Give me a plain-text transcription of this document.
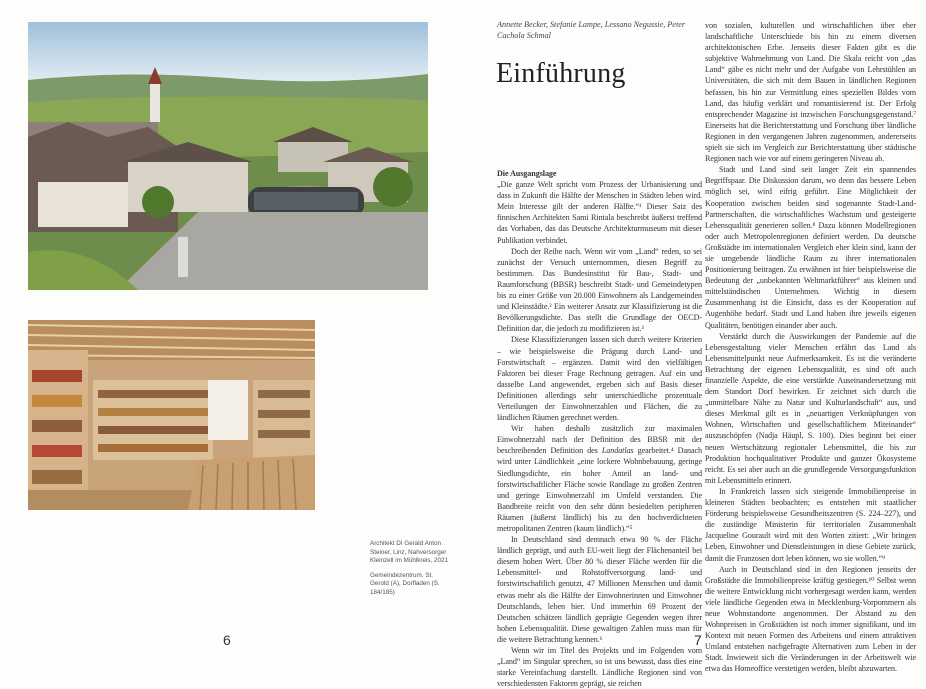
Architekt DI Gerald Anton Steiner, Linz, Nahversorger Kleinzell im Mühlkreis, 2021

Gemeindezentrum, St. Gerold (A), Dorfladen (S. 184/185)

6	7
Annette Becker, Stefanie Lampe, Lessano Negussie, Peter Cachola Schmal
Einführung

Die Ausgangslage

„Die ganze Welt spricht vom Prozess der Urbanisierung und dass in Zukunft die Hälfte der Menschen in Städten leben wird. Mein Interesse gilt der anderen Hälfte.“¹ Dieser Satz des finnischen Architekten Sami Rintala beschreibt äußerst treffend das Vorhaben, das das Deutsche Architekturmuseum mit dieser Publikation verbindet.

Doch der Reihe nach. Wenn wir vom „Land“ reden, so sei zunächst der Versuch unternommen, diesen Begriff zu bestimmen. Das Bundesinstitut für Bau-, Stadt- und Raumforschung (BBSR) beschreibt Stadt- und Gemeindetypen bis zu einer Größe von 20.000 Einwohnern als Landgemeinden und Kleinstädte.² Ein weiterer Ansatz zur Klassifizierung ist die Bevölkerungsdichte. Das stellt die Grundlage der OECD-Definition dar, die jedoch zu modifizieren ist.³

Diese Klassifizierungen lassen sich durch weitere Kriterien – wie beispielsweise die Prägung durch Land- und Forstwirtschaft – ergänzen. Damit wird den vielfältigen Faktoren bei dieser Frage Rechnung getragen. Auf ein und dasselbe Land angewendet, ergeben sich auf Basis dieser Definitionen allerdings sehr unterschiedliche prozentuale Verteilungen der Einwohnerzahlen und Flächen, die zu ländlichen Räumen gerechnet werden.

Wir haben deshalb zusätzlich zur maximalen Einwohnerzahl nach der Definition des BBSR mit der beschreibenden Definition des Landatlas gearbeitet.⁴ Danach wird unter Ländlichkeit „eine lockere Wohnbebauung, geringe Siedlungsdichte, ein hoher Anteil an land- und forstwirtschaftlicher Fläche sowie Randlage zu großen Zentren und geringe Einwohnerzahl im Umfeld verstanden. Die Bandbreite reicht von den sehr dünn besiedelten peripheren Räumen (äußerst ländlich) bis zu den hochverdichteten metropolitanen Zentren (kaum ländlich).“⁵

In Deutschland sind demnach etwa 90 % der Fläche ländlich geprägt, und auch EU-weit liegt der Flächenanteil bei diesem hohen Wert. Über 80 % dieser Fläche werden für die Lebensmittel- und Rohstoffversorgung land- und forstwirtschaftlich genutzt, 47 Millionen Menschen und damit etwas mehr als die Hälfte der Einwohnerinnen und Einwohner Deutschlands, leben hier. Und immerhin 69 Prozent der Deutschen schätzen ländlich geprägte Gegenden wegen ihrer hohen Lebensqualität. Diese gewaltigen Zahlen muss man für die weitere Betrachtung kennen.⁶

Wenn wir im Titel des Projekts und im Folgenden vom „Land“ im Singular sprechen, so ist uns bewusst, dass dies eine starke Vereinfachung darstellt. Ländliche Regionen sind von verschiedensten Faktoren geprägt, sie reichen

von sozialen, kulturellen und wirtschaftlichen über eher landschaftliche Unterschiede bis hin zu einem diversen architektonischen Erbe. Jenseits dieser Fakten gibt es die subjektive Wahrnehmung von Land. Die Skala reicht von „das Land“ gäbe es nicht mehr und der Aufgabe von Lehrstühlen an Universitäten, die sich mit dem Bauen in ländlichen Regionen befassen, bis hin zur Vermittlung eines speziellen Bildes vom Land, das häufig verklärt und romantisierend ist. Der Erfolg entsprechender Magazine ist inzwischen Forschungsgegenstand.⁷ Einerseits hat die Berichterstattung und Forschung über ländliche Regionen in den vergangenen Jahren zugenommen, andererseits spielt sie sich im Vergleich zur Berichterstattung über städtische Regionen nach wie vor auf einem geringeren Niveau ab.

Stadt und Land sind seit langer Zeit ein spannendes Begriffspaar. Die Diskussion darum, wo denn das bessere Leben möglich sei, wird eifrig geführt. Eine Möglichkeit der Kooperation zwischen beiden sind sogenannte Stadt-Land-Partnerschaften, die wirtschaftliches Wachstum und gesteigerte Lebensqualität generieren sollen.⁸ Dazu können Modellregionen oder auch Metropolenregionen definiert werden. Da deutsche Großstädte im internationalen Vergleich eher klein sind, kann der sie umgebende ländliche Raum zu ihrer internationalen Positionierung beitragen. Zu erwähnen ist hier beispielsweise die Bedeutung der „unbekannten Weltmarktführer“ aus kleinen und mittelständischen Unternehmen. Wichtig in diesem Zusammenhang ist die Einsicht, dass es der Kooperation auf Augenhöhe bedarf. Stadt und Land haben ihre jeweils eigenen Qualitäten, benötigen einander aber auch.

Verstärkt durch die Auswirkungen der Pandemie auf die Lebensgestaltung vieler Menschen erfährt das Land als Lebensmittelpunkt neue Aufmerksamkeit. Es ist die veränderte Betrachtung der eigenen Lebensqualität, es sind oft auch finanzielle Aspekte, die eine verstärkte Auseinandersetzung mit dem Standort Dorf bewirken. Er zeichnet sich durch die „unmittelbare Nähe zu Natur und Kulturlandschaft“ aus, und dieses Merkmal gilt es in „neuartigen Verknüpfungen von Wohnen, Wirtschaften und gesellschaftlichem Miteinander“ auszuschöpfen (Nadja Häupl, S. 100). Dies beginnt bei einer neuen Wertschätzung regionaler Lebensmittel, die bis zur Produktion hochqualitativer Produkte und ganzer Ökosysteme reicht. Es sei aber auch an die grundlegende Versorgungsfunktion mit Lebensmitteln erinnert.

In Frankreich lassen sich steigende Immobilienpreise in kleineren Städten beobachten; es entstehen mit staatlicher Förderung beispielsweise Gesundheitszentren (S. 224–227), und die zuständige Ministerin für territorialen Zusammenhalt Jacqueline Gourault wird mit den Worten zitiert: „Wir bringen Leben, Einwohner und Dienstleistungen in diese Gebiete zurück, damit die Franzosen dort leben können, wo sie wollen.“⁹

Auch in Deutschland sind in den Regionen jenseits der Großstädte die Immobilienpreise kräftig gestiegen.¹⁰ Selbst wenn die weitere Entwicklung nicht vorhergesagt werden kann, werden viele ländliche Gegenden etwa in Mecklenburg-Vorpommern als neue Wohnstandorte angenommen. Der Abstand zu den Wohnpreisen in Großstädten ist noch immer signifikant, und im Kontext mit neuen Formen des Arbeitens und einem attraktiven Umland entstehen nachgefragte Alternativen zum Leben in der Stadt. Inwieweit sich die Veränderungen in der Arbeitswelt wie etwa das Homeoffice verstetigen werden, bleibt abzuwarten.
